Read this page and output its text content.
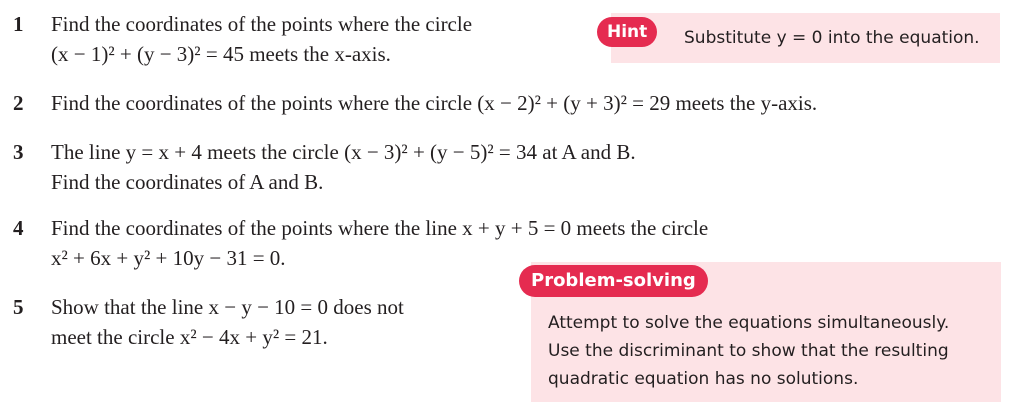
1 Find the coordinates of the points where the circle
(x − 1)² + (y − 3)² = 45 meets the x-axis.
Hint	Substitute y = 0 into the equation.
2 Find the coordinates of the points where the circle (x − 2)² + (y + 3)² = 29 meets the y-axis.
3 The line y = x + 4 meets the circle (x − 3)² + (y − 5)² = 34 at A and B.
Find the coordinates of A and B.
4 Find the coordinates of the points where the line x + y + 5 = 0 meets the circle
x² + 6x + y² + 10y − 31 = 0.
Problem-solving
Attempt to solve the equations simultaneously.
Use the discriminant to show that the resulting
quadratic equation has no solutions.
5 Show that the line x − y − 10 = 0 does not
meet the circle x² − 4x + y² = 21.
